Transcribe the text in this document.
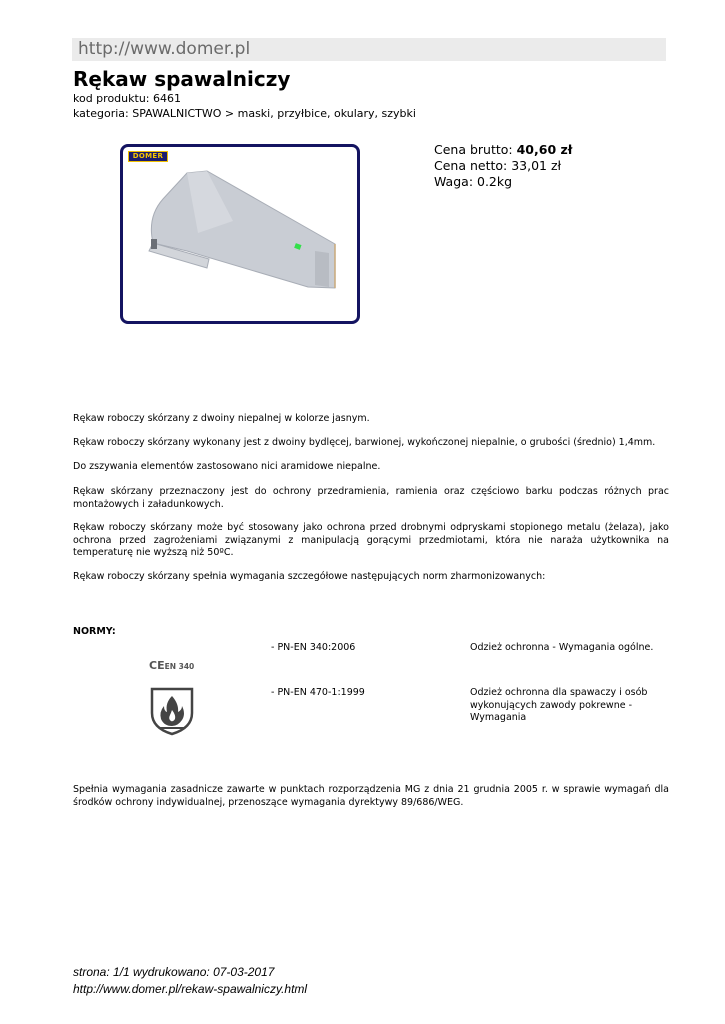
http://www.domer.pl
Rękaw spawalniczy
kod produktu: 6461
kategoria: SPAWALNICTWO > maski, przyłbice, okulary, szybki
DOMER	Cena brutto: 40,60 zł
Cena netto: 33,01 zł
Waga: 0.2kg
Rękaw roboczy skórzany z dwoiny niepalnej w kolorze jasnym.
Rękaw roboczy skórzany wykonany jest z dwoiny bydlęcej, barwionej, wykończonej niepalnie, o grubości (średnio) 1,4mm.
Do zszywania elementów zastosowano nici aramidowe niepalne.
Rękaw skórzany przeznaczony jest do ochrony przedramienia, ramienia oraz częściowo barku podczas różnych prac montażowych i załadunkowych.
Rękaw roboczy skórzany może być stosowany jako ochrona przed drobnymi odpryskami stopionego metalu (żelaza), jako ochrona przed zagrożeniami związanymi z manipulacją gorącymi przedmiotami, która nie naraża użytkownika na temperaturę nie wyższą niż 50ºC.
Rękaw roboczy skórzany spełnia wymagania szczegółowe następujących norm zharmonizowanych:
NORMY:
CEEN 340
- PN-EN 340:2006	Odzież ochronna - Wymagania ogólne.
- PN-EN 470-1:1999	Odzież ochronna dla spawaczy i osób wykonujących zawody pokrewne - Wymagania
Spełnia wymagania zasadnicze zawarte w punktach rozporządzenia MG z dnia 21 grudnia 2005 r. w sprawie wymagań dla środków ochrony indywidualnej, przenoszące wymagania dyrektywy 89/686/WEG.
strona: 1/1 wydrukowano: 07-03-2017
http://www.domer.pl/rekaw-spawalniczy.html
